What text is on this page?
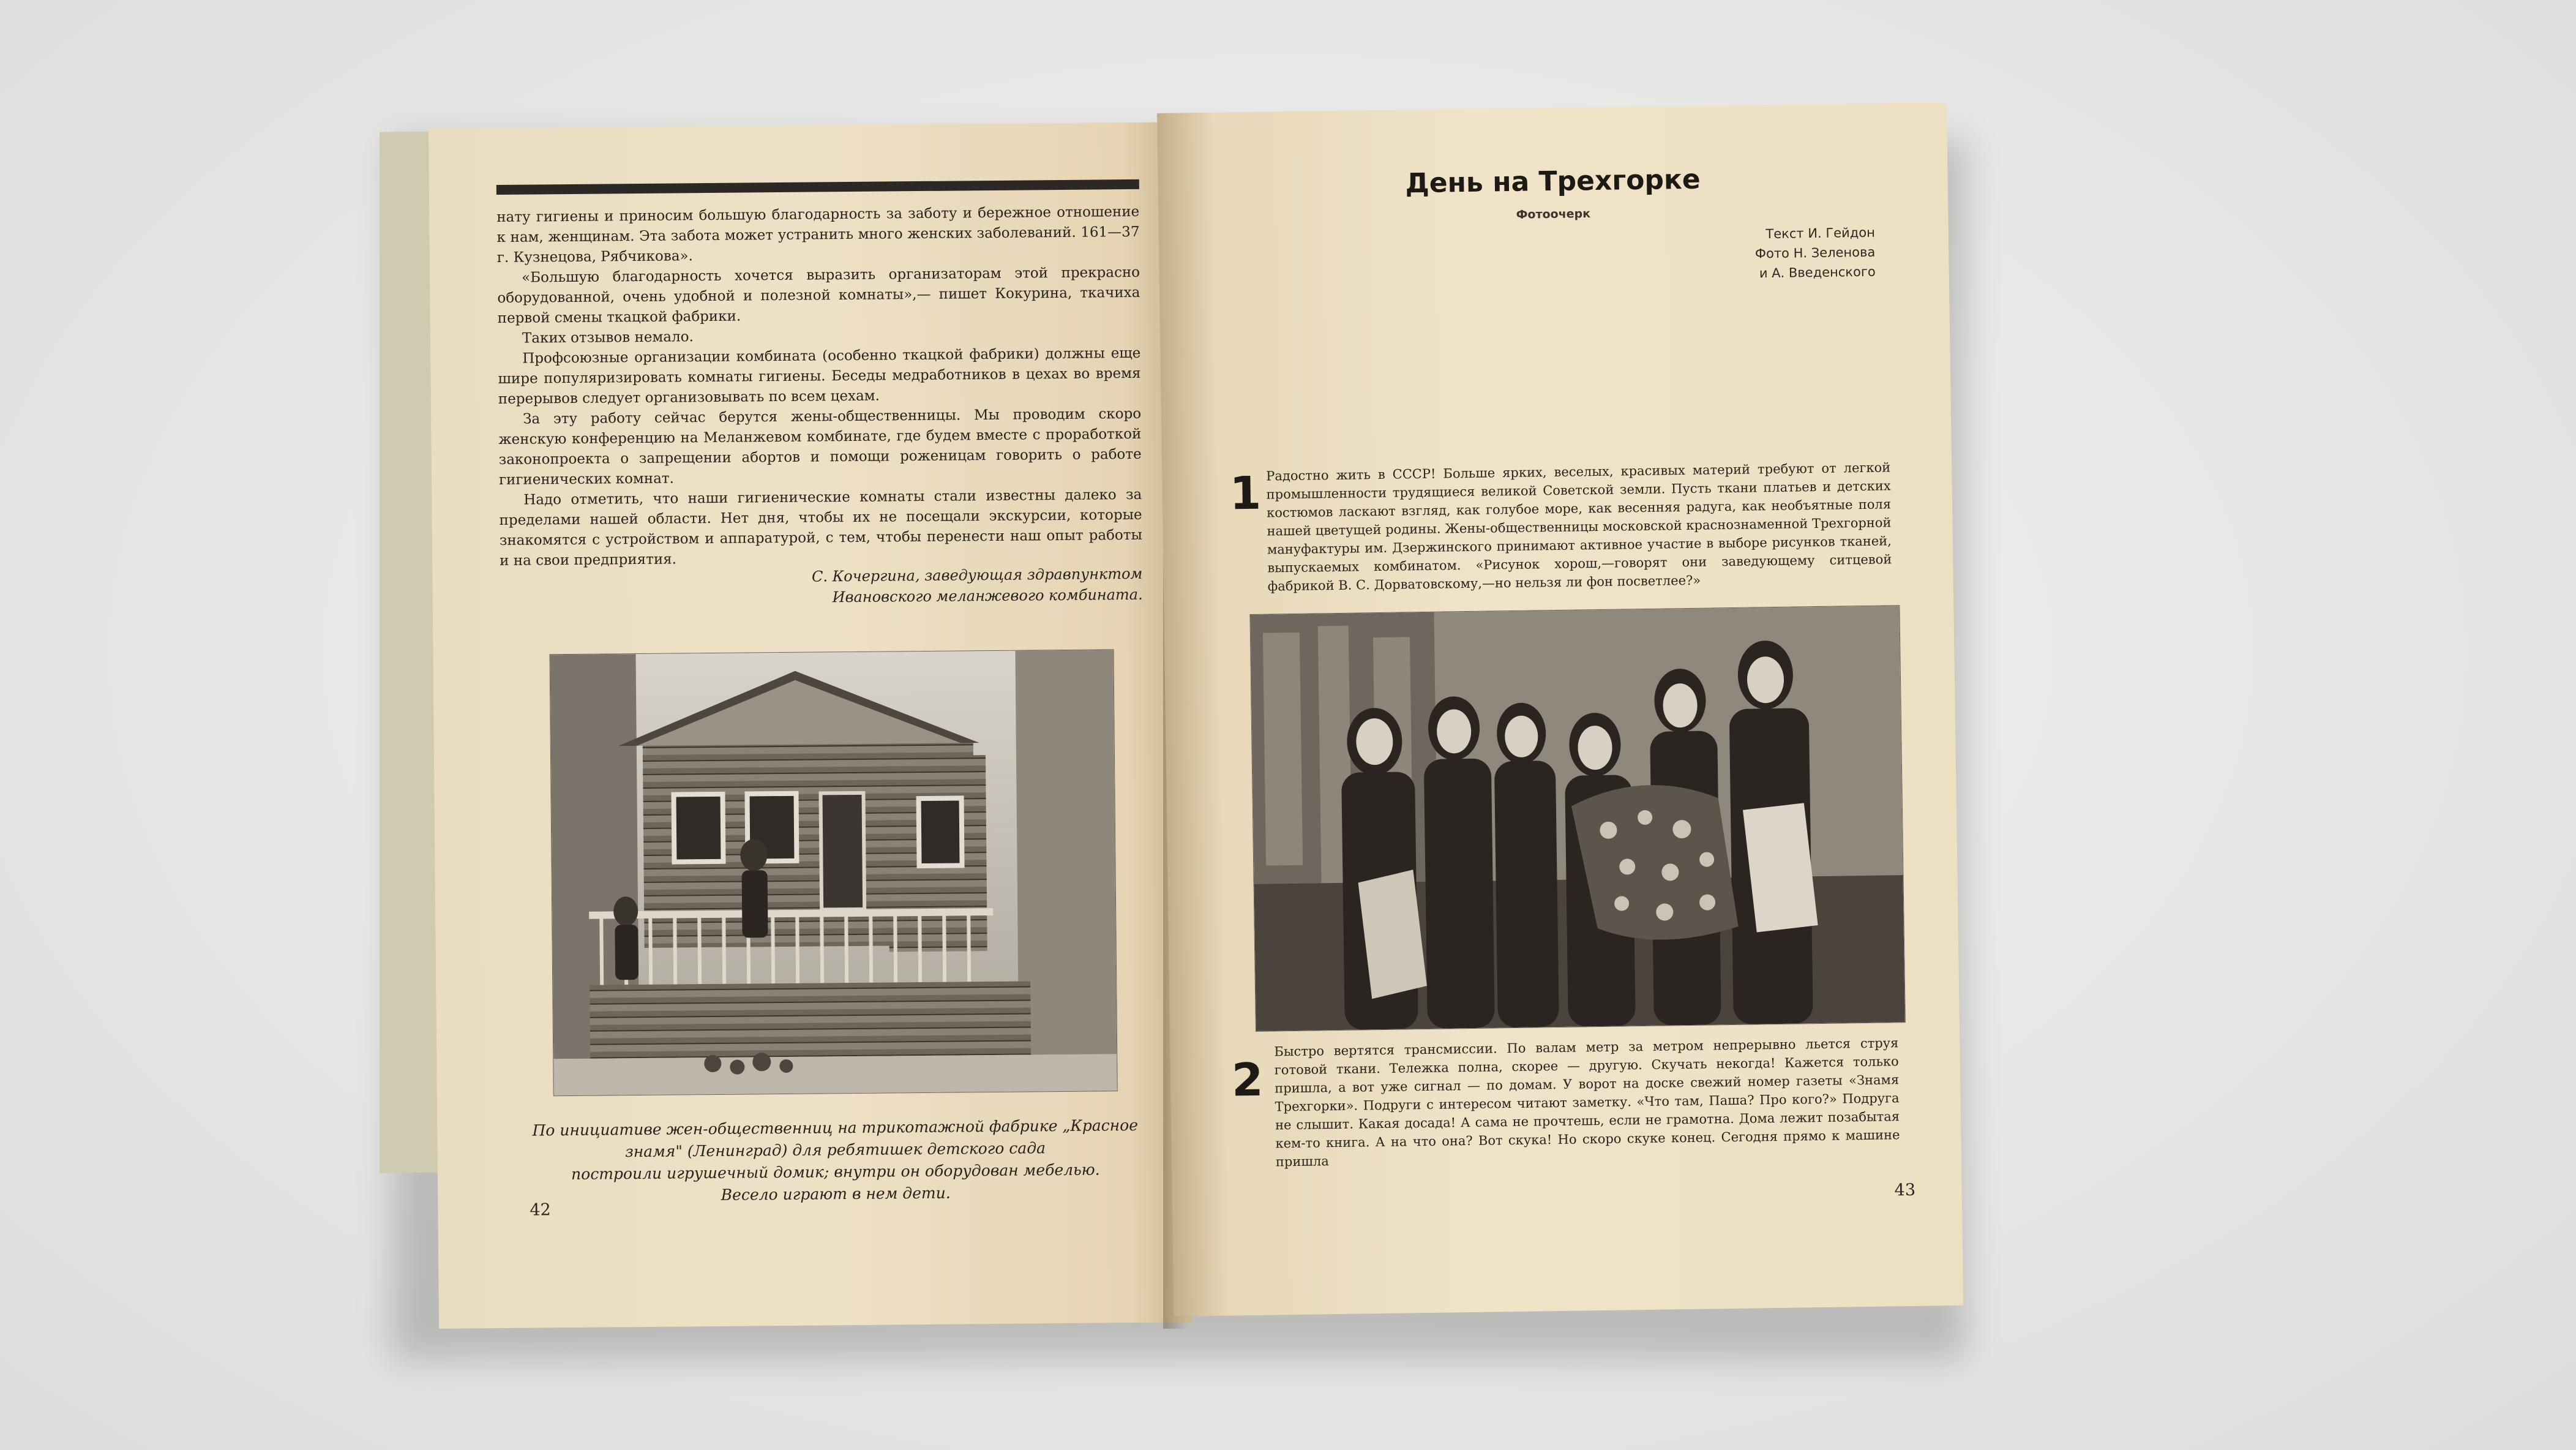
нату гигиены и приносим большую благодарность за заботу и бережное отношение к нам, женщинам. Эта забота может устранить много женских заболеваний. 161—37 г. Кузнецова, Рябчикова».

«Большую благодарность хочется выразить организаторам этой прекрасно оборудованной, очень удобной и полезной комнаты»,— пишет Кокурина, ткачиха первой смены ткацкой фабрики.

Таких отзывов немало.

Профсоюзные организации комбината (особенно ткацкой фабрики) должны еще шире популяризировать комнаты гигиены. Беседы медработников в цехах во время перерывов следует организовывать по всем цехам.

За эту работу сейчас берутся жены-общественницы. Мы проводим скоро женскую конференцию на Меланжевом комбинате, где будем вместе с проработкой законопроекта о запрещении абортов и помощи роженицам говорить о работе гигиенических комнат.

Надо отметить, что наши гигиенические комнаты стали известны далеко за пределами нашей области. Нет дня, чтобы их не посещали экскурсии, которые знакомятся с устройством и аппаратурой, с тем, чтобы перенести наш опыт работы и на свои предприятия.

С. Кочергина, заведующая здравпунктом
Ивановского меланжевого комбината.
По инициативе жен-общественниц на трикотажной фабрике „Красное знамя" (Ленинград) для ребятишек детского сада
построили игрушечный домик; внутри он оборудован мебелью.
Весело играют в нем дети.
42
День на Трехгорке
Фотоочерк
Текст И. Гейдон
Фото Н. Зеленова
и А. Введенского
1 Радостно жить в СССР! Больше ярких, веселых, красивых материй требуют от легкой промышленности трудящиеся великой Советской земли. Пусть ткани платьев и детских костюмов ласкают взгляд, как голубое море, как весенняя радуга, как необъятные поля нашей цветущей родины. Жены-общественницы московской краснознаменной Трехгорной мануфактуры им. Дзержинского принимают активное участие в выборе рисунков тканей, выпускаемых комбинатом. «Рисунок хорош,—говорят они заведующему ситцевой фабрикой В. С. Дорватовскому,—но нельзя ли фон посветлее?»
2
Быстро вертятся трансмиссии. По валам метр за метром непрерывно льется струя готовой ткани. Тележка полна, скорее — другую. Скучать некогда! Кажется только пришла, а вот уже сигнал — по домам. У ворот на доске свежий номер газеты «Знамя Трехгорки». Подруги с интересом читают заметку. «Что там, Паша? Про кого?» Подруга не слышит. Какая досада! А сама не прочтешь, если не грамотна. Дома лежит позабытая кем-то книга. А на что она? Вот скука! Но скоро скуке конец. Сегодня прямо к машине пришла
43
